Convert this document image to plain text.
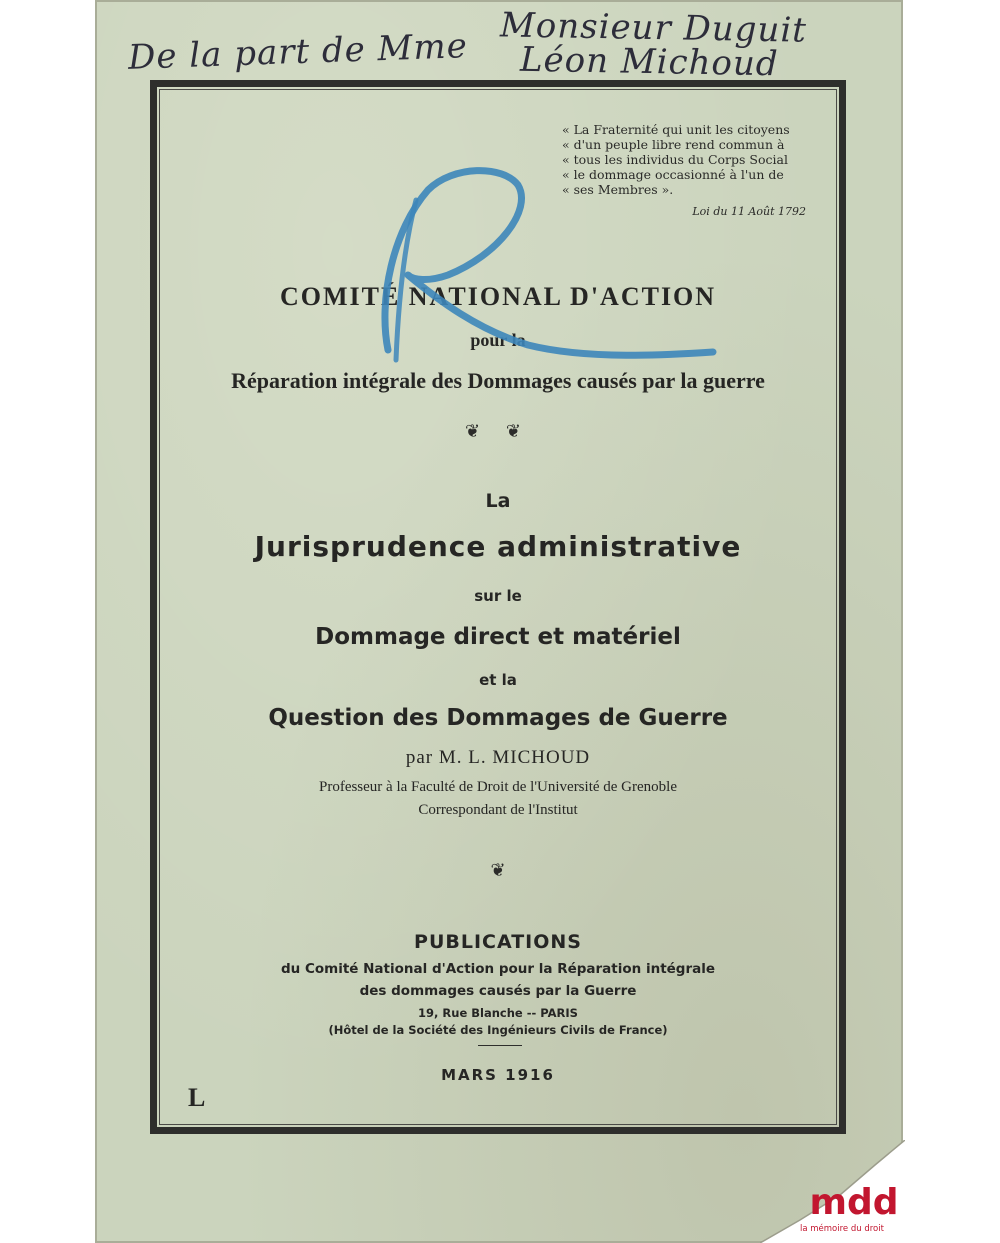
De la part de Mme Monsieur Duguit
Léon Michoud
« La Fraternité qui unit les citoyens
« d'un peuple libre rend commun à
« tous les individus du Corps Social
« le dommage occasionné à l'un de
« ses Membres ».
Loi du 11 Août 1792
COMITÉ NATIONAL D'ACTION
pour la
Réparation intégrale des Dommages causés par la guerre
❦ ❦
La
Jurisprudence administrative
sur le
Dommage direct et matériel
et la
Question des Dommages de Guerre
par M. L. MICHOUD
Professeur à la Faculté de Droit de l'Université de Grenoble
Correspondant de l'Institut
❦
PUBLICATIONS
du Comité National d'Action pour la Réparation intégrale
des dommages causés par la Guerre
19, Rue Blanche -- PARIS
(Hôtel de la Société des Ingénieurs Civils de France)
MARS 1916
L
mdd
la mémoire du droit
